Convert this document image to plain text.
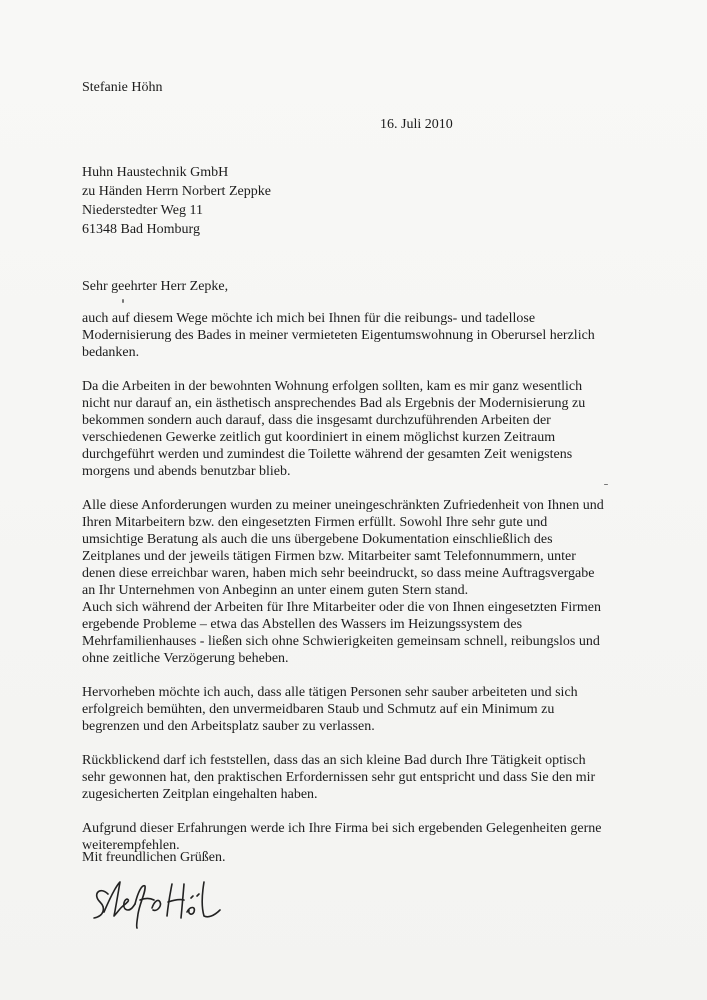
Stefanie Höhn
16. Juli 2010
Huhn Haustechnik GmbH
zu Händen Herrn Norbert Zeppke
Niederstedter Weg 11
61348 Bad Homburg
Sehr geehrter Herr Zepke,

auch auf diesem Wege möchte ich mich bei Ihnen für die reibungs- und tadellose
Modernisierung des Bades in meiner vermieteten Eigentumswohnung in Oberursel herzlich
bedanken.

Da die Arbeiten in der bewohnten Wohnung erfolgen sollten, kam es mir ganz wesentlich
nicht nur darauf an, ein ästhetisch ansprechendes Bad als Ergebnis der Modernisierung zu
bekommen sondern auch darauf, dass die insgesamt durchzuführenden Arbeiten der
verschiedenen Gewerke zeitlich gut koordiniert in einem möglichst kurzen Zeitraum
durchgeführt werden und zumindest die Toilette während der gesamten Zeit wenigstens
morgens und abends benutzbar blieb.

Alle diese Anforderungen wurden zu meiner uneingeschränkten Zufriedenheit von Ihnen und
Ihren Mitarbeitern bzw. den eingesetzten Firmen erfüllt. Sowohl Ihre sehr gute und
umsichtige Beratung als auch die uns übergebene Dokumentation einschließlich des
Zeitplanes und der jeweils tätigen Firmen bzw. Mitarbeiter samt Telefonnummern, unter
denen diese erreichbar waren, haben mich sehr beeindruckt, so dass meine Auftragsvergabe
an Ihr Unternehmen von Anbeginn an unter einem guten Stern stand.
Auch sich während der Arbeiten für Ihre Mitarbeiter oder die von Ihnen eingesetzten Firmen
ergebende Probleme – etwa das Abstellen des Wassers im Heizungssystem des
Mehrfamilienhauses - ließen sich ohne Schwierigkeiten gemeinsam schnell, reibungslos und
ohne zeitliche Verzögerung beheben.

Hervorheben möchte ich auch, dass alle tätigen Personen sehr sauber arbeiteten und sich
erfolgreich bemühten, den unvermeidbaren Staub und Schmutz auf ein Minimum zu
begrenzen und den Arbeitsplatz sauber zu verlassen.

Rückblickend darf ich feststellen, dass das an sich kleine Bad durch Ihre Tätigkeit optisch
sehr gewonnen hat, den praktischen Erfordernissen sehr gut entspricht und dass Sie den mir
zugesicherten Zeitplan eingehalten haben.

Aufgrund dieser Erfahrungen werde ich Ihre Firma bei sich ergebenden Gelegenheiten gerne
weiterempfehlen.

Mit freundlichen Grüßen.
